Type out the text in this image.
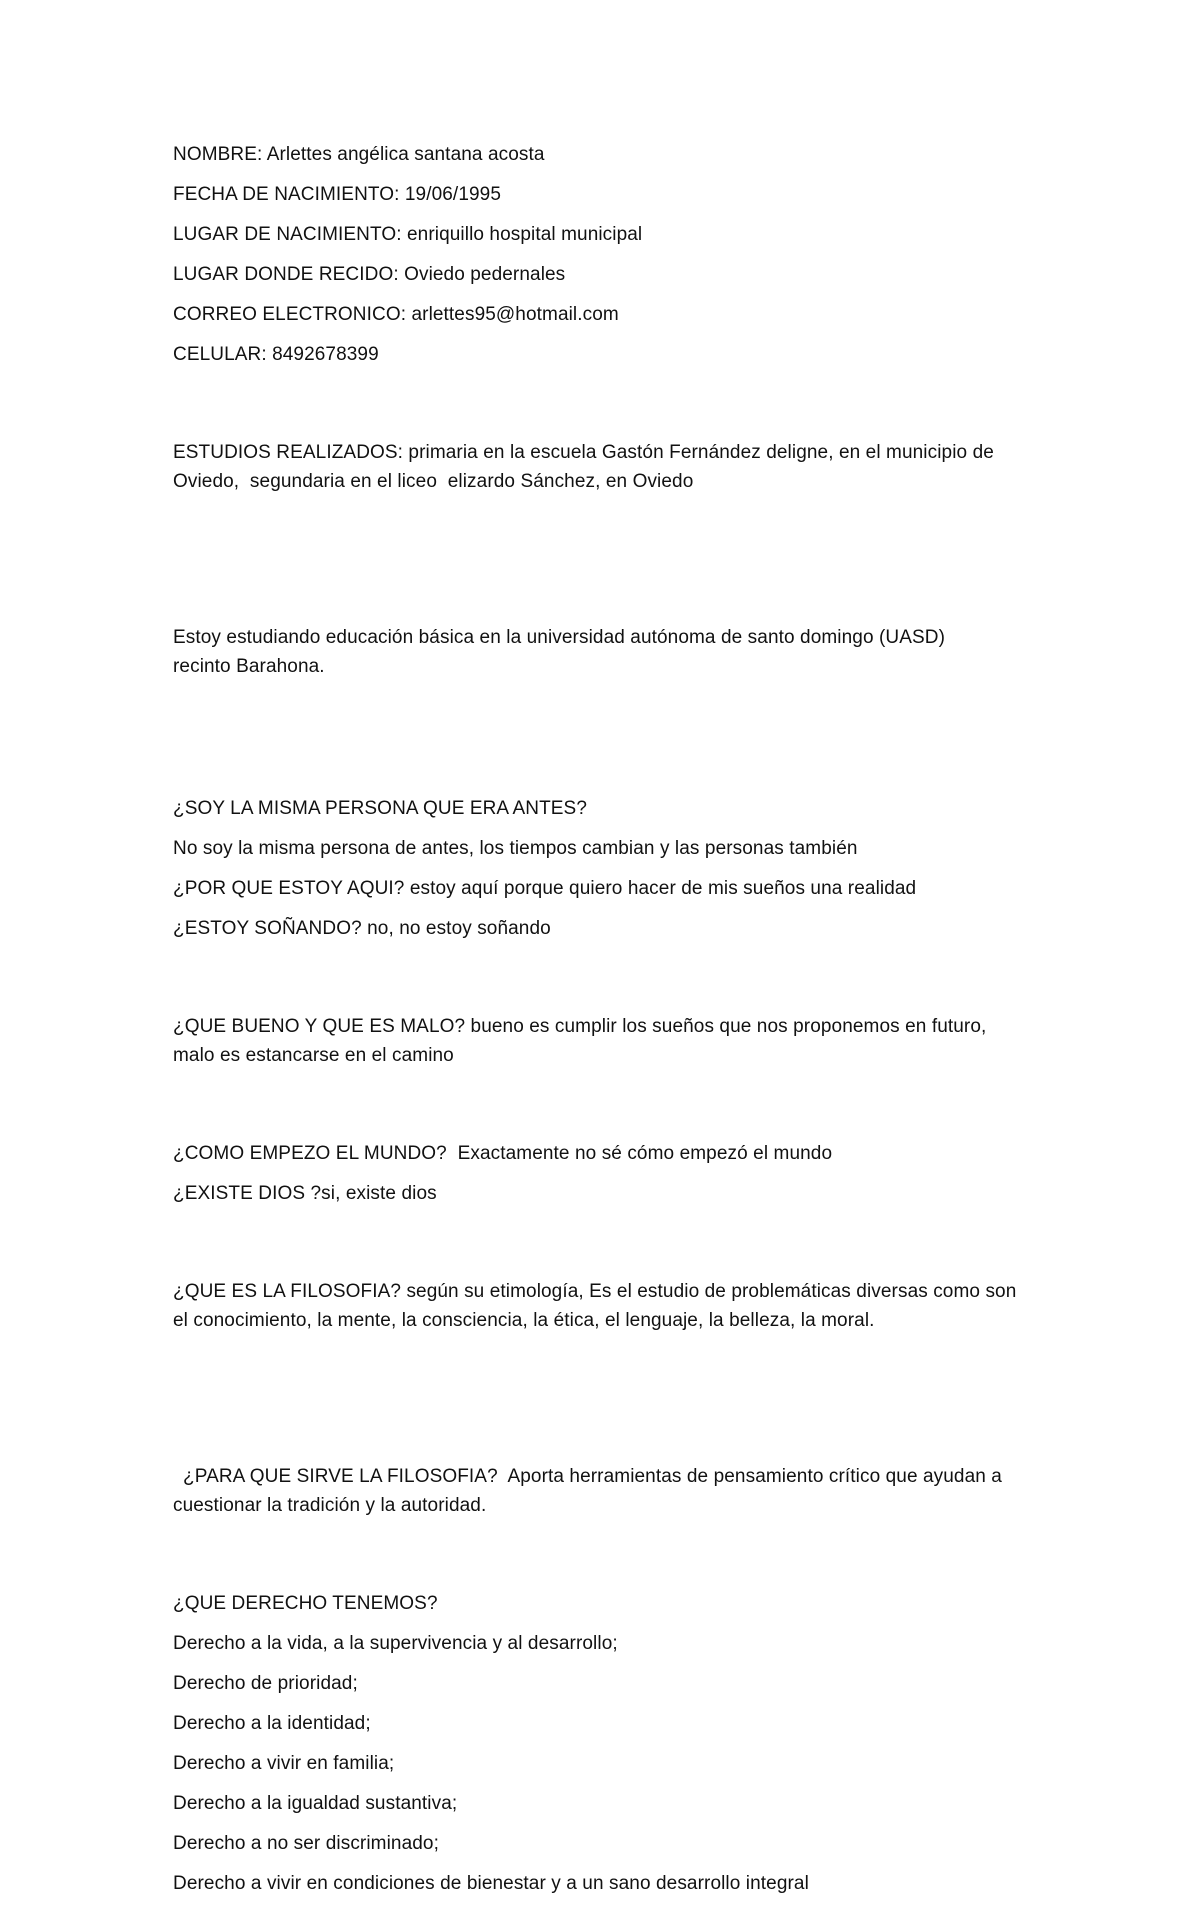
NOMBRE: Arlettes angélica santana acosta

FECHA DE NACIMIENTO: 19/06/1995

LUGAR DE NACIMIENTO: enriquillo hospital municipal

LUGAR DONDE RECIDO: Oviedo pedernales

CORREO ELECTRONICO: arlettes95@hotmail.com

CELULAR: 8492678399

ESTUDIOS REALIZADOS: primaria en la escuela Gastón Fernández deligne, en el municipio de
Oviedo,  segundaria en el liceo  elizardo Sánchez, en Oviedo

Estoy estudiando educación básica en la universidad autónoma de santo domingo (UASD)
recinto Barahona.

¿SOY LA MISMA PERSONA QUE ERA ANTES?

No soy la misma persona de antes, los tiempos cambian y las personas también

¿POR QUE ESTOY AQUI? estoy aquí porque quiero hacer de mis sueños una realidad

¿ESTOY SOÑANDO? no, no estoy soñando

¿QUE BUENO Y QUE ES MALO? bueno es cumplir los sueños que nos proponemos en futuro,
malo es estancarse en el camino

¿COMO EMPEZO EL MUNDO?  Exactamente no sé cómo empezó el mundo

¿EXISTE DIOS ?si, existe dios

¿QUE ES LA FILOSOFIA? según su etimología, Es el estudio de problemáticas diversas como son
el conocimiento, la mente, la consciencia, la ética, el lenguaje, la belleza, la moral.

¿PARA QUE SIRVE LA FILOSOFIA?  Aporta herramientas de pensamiento crítico que ayudan a
cuestionar la tradición y la autoridad.

¿QUE DERECHO TENEMOS?

Derecho a la vida, a la supervivencia y al desarrollo;

Derecho de prioridad;

Derecho a la identidad;

Derecho a vivir en familia;

Derecho a la igualdad sustantiva;

Derecho a no ser discriminado;

Derecho a vivir en condiciones de bienestar y a un sano desarrollo integral
